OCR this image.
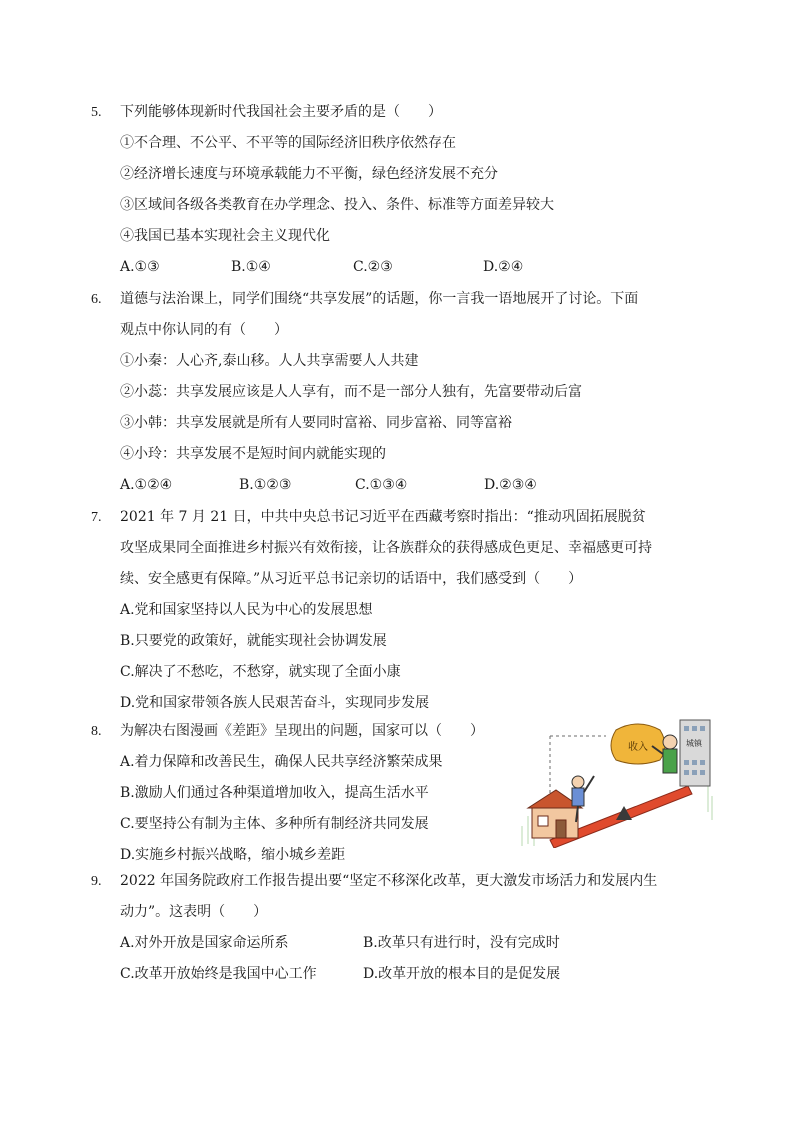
5. 下列能够体现新时代我国社会主要矛盾的是（　　）
①不合理、不公平、不平等的国际经济旧秩序依然存在
②经济增长速度与环境承载能力不平衡，绿色经济发展不充分
③区域间各级各类教育在办学理念、投入、条件、标准等方面差异较大
④我国已基本实现社会主义现代化
A.①③	B.①④	C.②③	D.②④
6. 道德与法治课上，同学们围绕“共享发展”的话题，你一言我一语地展开了讨论。下面观点中你认同的有（　　）
①小秦：人心齐,泰山移。人人共享需要人人共建
②小蕊：共享发展应该是人人享有，而不是一部分人独有，先富要带动后富
③小韩：共享发展就是所有人要同时富裕、同步富裕、同等富裕
④小玲：共享发展不是短时间内就能实现的
A.①②④	B.①②③	C.①③④	D.②③④
7. 2021 年 7 月 21 日，中共中央总书记习近平在西藏考察时指出：“推动巩固拓展脱贫攻坚成果同全面推进乡村振兴有效衔接，让各族群众的获得感成色更足、幸福感更可持续、安全感更有保障。”从习近平总书记亲切的话语中，我们感受到（　　）
A.党和国家坚持以人民为中心的发展思想
B.只要党的政策好，就能实现社会协调发展
C.解决了不愁吃，不愁穿，就实现了全面小康
D.党和国家带领各族人民艰苦奋斗，实现同步发展
8. 为解决右图漫画《差距》呈现出的问题，国家可以（　　）
A.着力保障和改善民生，确保人民共享经济繁荣成果
B.激励人们通过各种渠道增加收入，提高生活水平
C.要坚持公有制为主体、多种所有制经济共同发展
D.实施乡村振兴战略，缩小城乡差距
收入	城镇
9. 2022 年国务院政府工作报告提出要“坚定不移深化改革，更大激发市场活力和发展内生动力”。这表明（　　）
A.对外开放是国家命运所系	B.改革只有进行时，没有完成时
C.改革开放始终是我国中心工作	D.改革开放的根本目的是促发展
